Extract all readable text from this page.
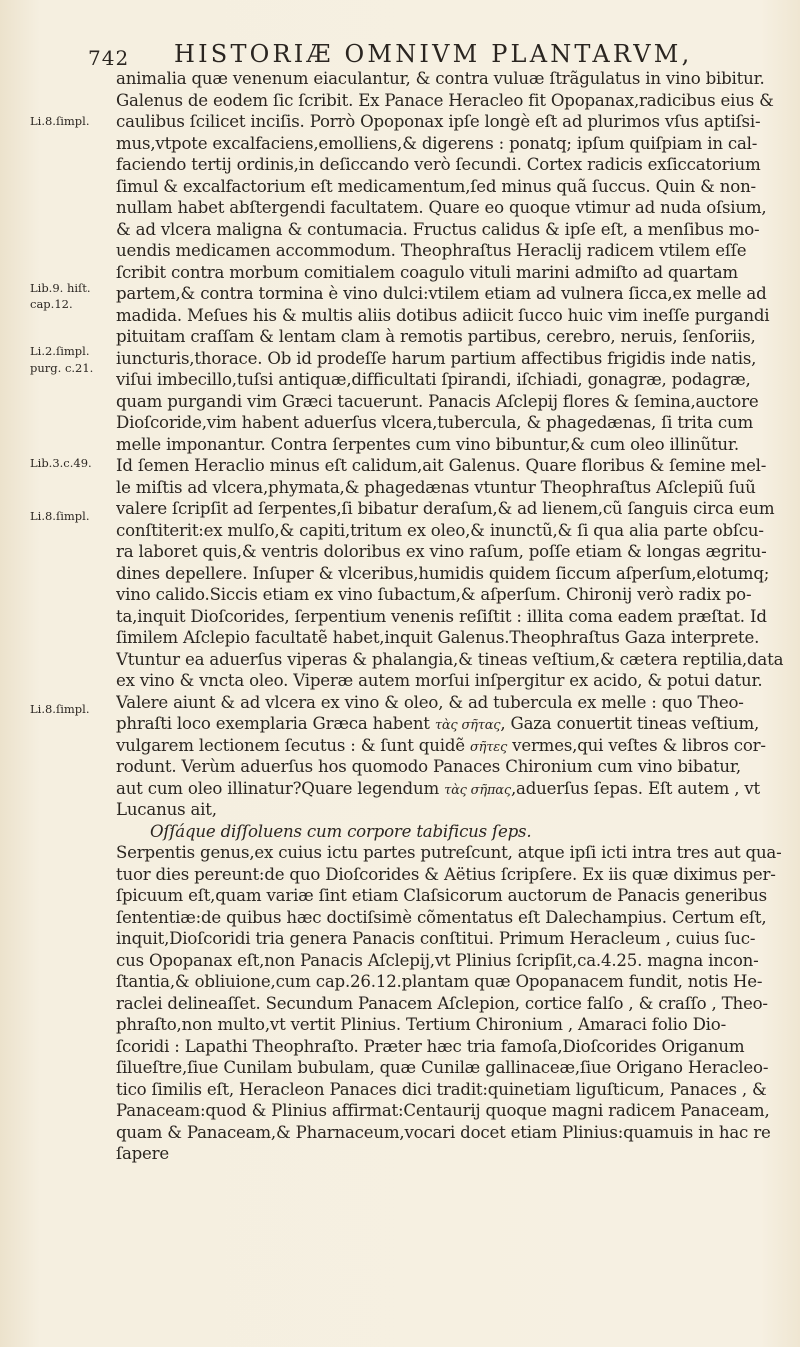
742 HISTORIÆ OMNIVM PLANTARVM,
Li.8.ſimpl.
Lib.9. hiſt.
cap.12.
Li.2.ſimpl.
purg. c.21.
Lib.3.c.49.
Li.8.ſimpl.
Li.8.ſimpl.
animalia quæ venenum eiaculantur, & contra vuluæ ſtrãgulatus in vino bibitur.
Galenus de eodem ſic ſcribit. Ex Panace Heracleo fit Opopanax,radicibus eius &
caulibus ſcilicet inciſis. Porrò Opoponax ipſe longè eſt ad plurimos vſus aptiſsi-
mus,vtpote excalfaciens,emolliens,& digerens : ponatq; ipſum quiſpiam in cal-
faciendo tertij ordinis,in deſiccando verò ſecundi. Cortex radicis exſiccatorium
ſimul & excalfactorium eſt medicamentum,ſed minus quã ſuccus. Quin & non-
nullam habet abſtergendi facultatem. Quare eo quoque vtimur ad nuda oſsium,
& ad vlcera maligna & contumacia. Fructus calidus & ipſe eſt, a menſibus mo-
uendis medicamen accommodum. Theophraſtus Heraclij radicem vtilem eſſe
ſcribit contra morbum comitialem coagulo vituli marini admiſto ad quartam
partem,& contra tormina è vino dulci:vtilem etiam ad vulnera ſicca,ex melle ad
madida. Meſues his & multis aliis dotibus adiicit ſucco huic vim ineſſe purgandi
pituitam craſſam & lentam clam à remotis partibus, cerebro, neruis, ſenſoriis,
iuncturis,thorace. Ob id prodeſſe harum partium affectibus frigidis inde natis,
viſui imbecillo,tuſsi antiquæ,difficultati ſpirandi, iſchiadi, gonagræ, podagræ,
quam purgandi vim Græci tacuerunt. Panacis Aſclepij flores & ſemina,auctore
Dioſcoride,vim habent aduerſus vlcera,tubercula, & phagedænas, ſi trita cum
melle imponantur. Contra ſerpentes cum vino bibuntur,& cum oleo illinũtur.
Id ſemen Heraclio minus eſt calidum,ait Galenus. Quare floribus & ſemine mel-
le miſtis ad vlcera,phymata,& phagedænas vtuntur Theophraſtus Aſclepiũ ſuũ
valere ſcripſit ad ſerpentes,ſi bibatur deraſum,& ad lienem,cũ ſanguis circa eum
conſtiterit:ex mulſo,& capiti,tritum ex oleo,& inunctũ,& ſi qua alia parte obſcu-
ra laboret quis,& ventris doloribus ex vino raſum, poſſe etiam & longas ægritu-
dines depellere. Inſuper & vlceribus,humidis quidem ſiccum aſperſum,elotumq;
vino calido.Siccis etiam ex vino ſubactum,& aſperſum. Chironij verò radix po-
ta,inquit Dioſcorides, ſerpentium venenis reſiſtit : illita coma eadem præſtat. Id
ſimilem Aſclepio facultatẽ habet,inquit Galenus.Theophraſtus Gaza interprete.
Vtuntur ea aduerſus viperas & phalangia,& tineas veſtium,& cætera reptilia,data
ex vino & vncta oleo. Viperæ autem morſui inſpergitur ex acido, & potui datur.
Valere aiunt & ad vlcera ex vino & oleo, & ad tubercula ex melle : quo Theo-
phraſti loco exemplaria Græca habent τὰς σῆτας, Gaza conuertit tineas veſtium,
vulgarem lectionem ſecutus : & ſunt quidẽ σῆτες vermes,qui veſtes & libros cor-
rodunt. Verùm aduerſus hos quomodo Panaces Chironium cum vino bibatur,
aut cum oleo illinatur?Quare legendum τὰς σῆπας,aduerſus ſepas. Eſt autem , vt
Lucanus ait,
Oſſáque diſſoluens cum corpore tabificus ſeps.
Serpentis genus,ex cuius ictu partes putreſcunt, atque ipſi icti intra tres aut qua-
tuor dies pereunt:de quo Dioſcorides & Aëtius ſcripſere. Ex iis quæ diximus per-
ſpicuum eſt,quam variæ ſint etiam Claſsicorum auctorum de Panacis generibus
ſententiæ:de quibus hæc doctiſsimè cõmentatus eſt Dalechampius. Certum eſt,
inquit,Dioſcoridi tria genera Panacis conſtitui. Primum Heracleum , cuius ſuc-
cus Opopanax eſt,non Panacis Aſclepij,vt Plinius ſcripſit,ca.4.25. magna incon-
ſtantia,& obliuione,cum cap.26.12.plantam quæ Opopanacem fundit, notis He-
raclei delineaſſet. Secundum Panacem Aſclepion, cortice falſo , & craſſo , Theo-
phraſto,non multo,vt vertit Plinius. Tertium Chironium , Amaraci folio Dio-
ſcoridi : Lapathi Theophraſto. Præter hæc tria famoſa,Dioſcorides Origanum
ſilueſtre,ſiue Cunilam bubulam, quæ Cunilæ gallinaceæ,ſiue Origano Heracleo-
tico ſimilis eſt, Heracleon Panaces dici tradit:quinetiam liguſticum, Panaces , &
Panaceam:quod & Plinius affirmat:Centaurij quoque magni radicem Panaceam,
quam & Panaceam,& Pharnaceum,vocari docet etiam Plinius:quamuis in hac re
ſapere
